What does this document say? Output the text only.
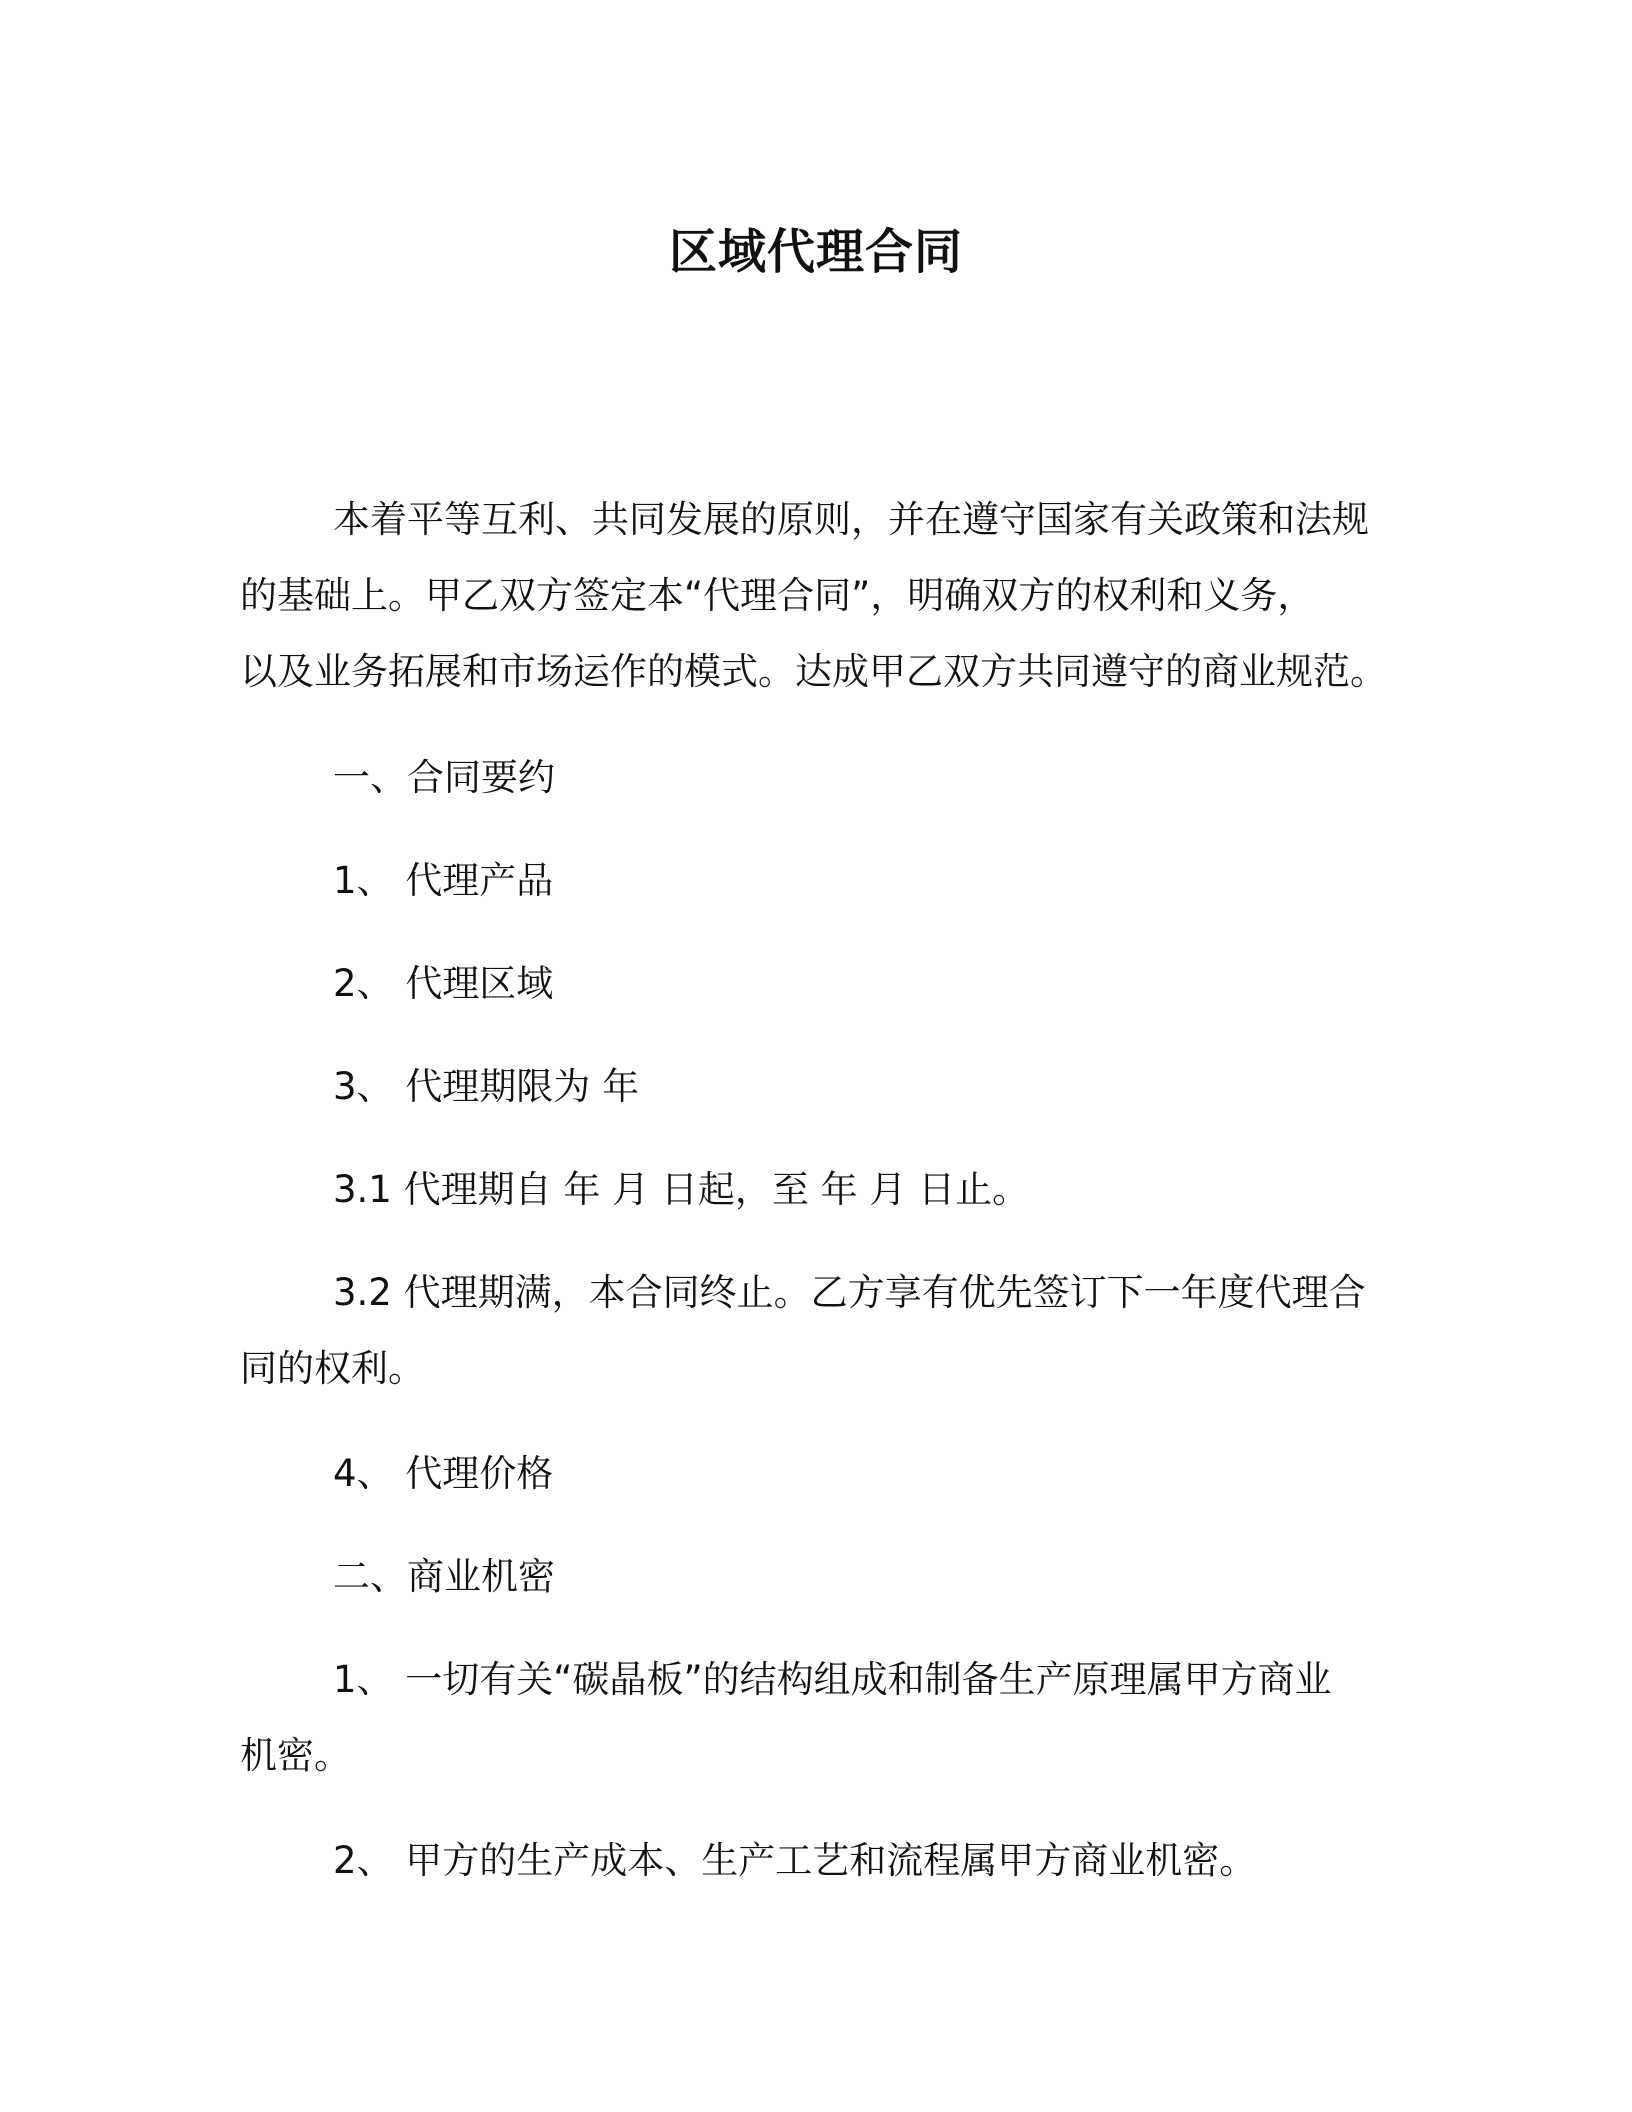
区域代理合同
本着平等互利、共同发展的原则，并在遵守国家有关政策和法规
的基础上。甲乙双方签定本“代理合同”，明确双方的权利和义务，
以及业务拓展和市场运作的模式。达成甲乙双方共同遵守的商业规范。
一、合同要约
1、 代理产品
2、 代理区域
3、 代理期限为 年
3.1 代理期自 年 月 日起，至 年 月 日止。
3.2 代理期满，本合同终止。乙方享有优先签订下一年度代理合
同的权利。
4、 代理价格
二、商业机密
1、 一切有关“碳晶板”的结构组成和制备生产原理属甲方商业
机密。
2、 甲方的生产成本、生产工艺和流程属甲方商业机密。
